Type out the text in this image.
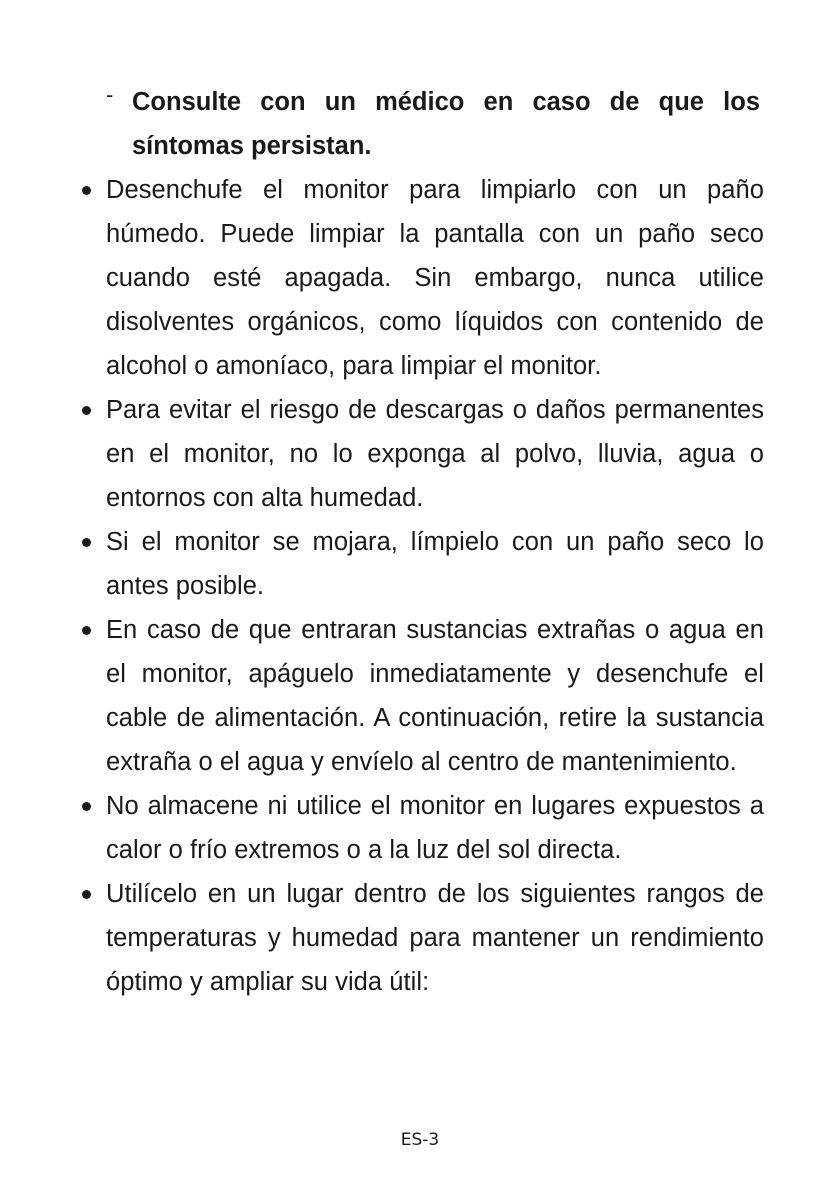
- Consulte con un médico en caso de que los síntomas persistan.
Desenchufe el monitor para limpiarlo con un paño húmedo. Puede limpiar la pantalla con un paño seco cuando esté apagada. Sin embargo, nunca utilice disolventes orgánicos, como líquidos con contenido de alcohol o amoníaco, para limpiar el monitor.
Para evitar el riesgo de descargas o daños permanentes en el monitor, no lo exponga al polvo, lluvia, agua o entornos con alta humedad.
Si el monitor se mojara, límpielo con un paño seco lo antes posible.
En caso de que entraran sustancias extrañas o agua en el monitor, apáguelo inmediatamente y desenchufe el cable de alimentación. A continuación, retire la sustancia extraña o el agua y envíelo al centro de mantenimiento.
No almacene ni utilice el monitor en lugares expuestos a calor o frío extremos o a la luz del sol directa.
Utilícelo en un lugar dentro de los siguientes rangos de temperaturas y humedad para mantener un rendimiento óptimo y ampliar su vida útil:
ES-3
